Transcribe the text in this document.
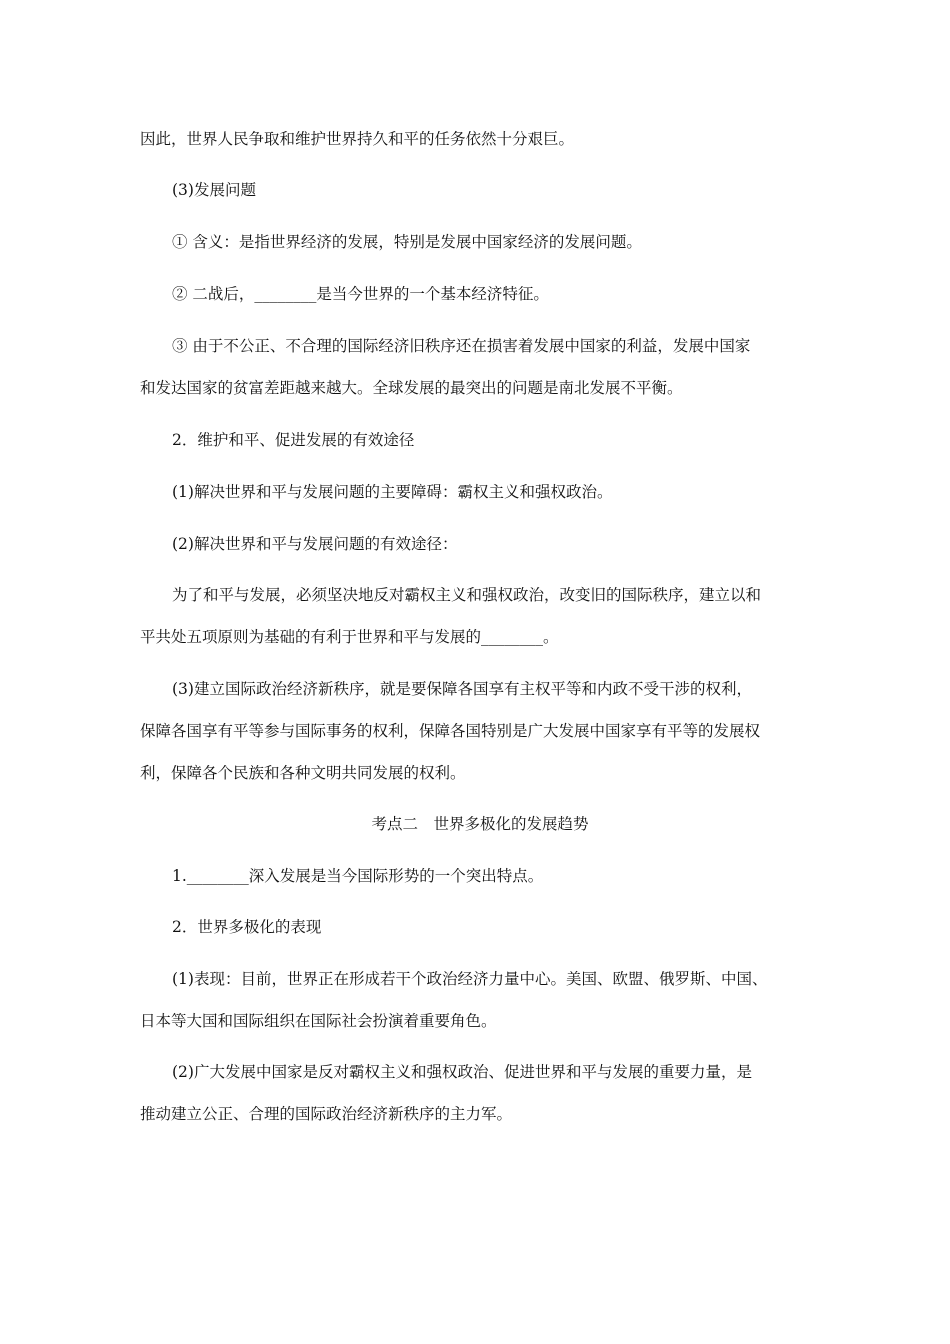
因此，世界人民争取和维护世界持久和平的任务依然十分艰巨。
(3)发展问题
① 含义：是指世界经济的发展，特别是发展中国家经济的发展问题。
② 二战后，________是当今世界的一个基本经济特征。
③ 由于不公正、不合理的国际经济旧秩序还在损害着发展中国家的利益，发展中国家
和发达国家的贫富差距越来越大。全球发展的最突出的问题是南北发展不平衡。
2．维护和平、促进发展的有效途径
(1)解决世界和平与发展问题的主要障碍：霸权主义和强权政治。
(2)解决世界和平与发展问题的有效途径：
为了和平与发展，必须坚决地反对霸权主义和强权政治，改变旧的国际秩序，建立以和
平共处五项原则为基础的有利于世界和平与发展的________。
(3)建立国际政治经济新秩序，就是要保障各国享有主权平等和内政不受干涉的权利，
保障各国享有平等参与国际事务的权利，保障各国特别是广大发展中国家享有平等的发展权
利，保障各个民族和各种文明共同发展的权利。
考点二　世界多极化的发展趋势
1.________深入发展是当今国际形势的一个突出特点。
2．世界多极化的表现
(1)表现：目前，世界正在形成若干个政治经济力量中心。美国、欧盟、俄罗斯、中国、
日本等大国和国际组织在国际社会扮演着重要角色。
(2)广大发展中国家是反对霸权主义和强权政治、促进世界和平与发展的重要力量，是
推动建立公正、合理的国际政治经济新秩序的主力军。
